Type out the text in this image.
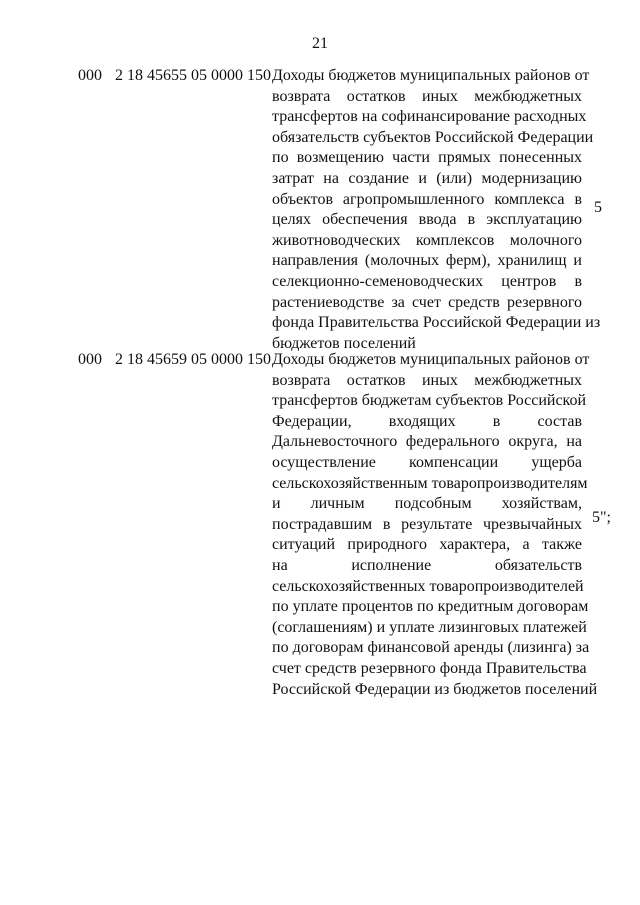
21
000 2 18 45655 05 0000 150 Доходы бюджетов муниципальных районов от
возврата остатков иных межбюджетных
трансфертов на софинансирование расходных
обязательств субъектов Российской Федерации
по возмещению части прямых понесенных
затрат на создание и (или) модернизацию
объектов агропромышленного комплекса в
целях обеспечения ввода в эксплуатацию
животноводческих комплексов молочного
направления (молочных ферм), хранилищ и
селекционно-семеноводческих центров в
растениеводстве за счет средств резервного
фонда Правительства Российской Федерации из
бюджетов поселений
5
000 2 18 45659 05 0000 150 Доходы бюджетов муниципальных районов от
возврата остатков иных межбюджетных
трансфертов бюджетам субъектов Российской
Федерации, входящих в состав
Дальневосточного федерального округа, на
осуществление компенсации ущерба
сельскохозяйственным товаропроизводителям
и личным подсобным хозяйствам,
пострадавшим в результате чрезвычайных
ситуаций природного характера, а также
на исполнение обязательств
сельскохозяйственных товаропроизводителей
по уплате процентов по кредитным договорам
(соглашениям) и уплате лизинговых платежей
по договорам финансовой аренды (лизинга) за
счет средств резервного фонда Правительства
Российской Федерации из бюджетов поселений
5";
